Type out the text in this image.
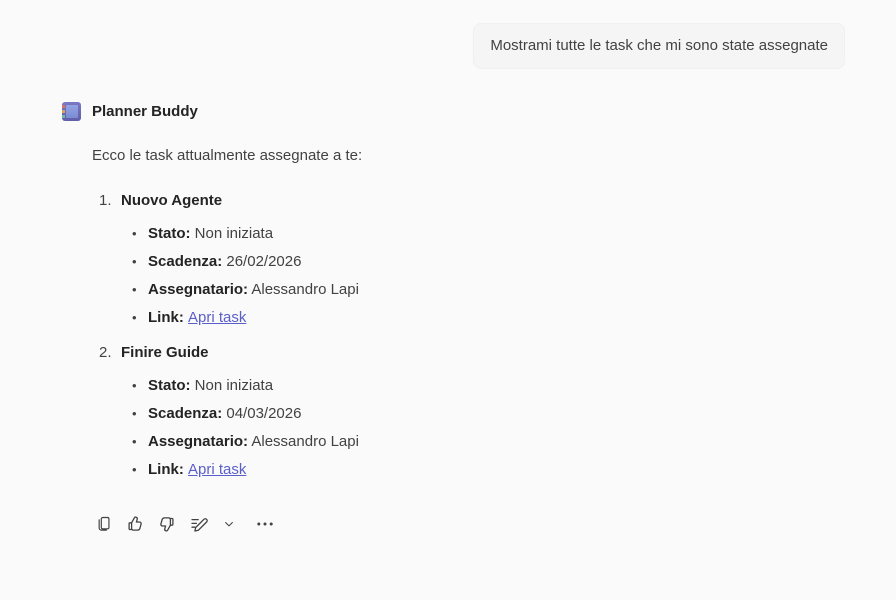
Mostrami tutte le task che mi sono state assegnate
Planner Buddy
Ecco le task attualmente assegnate a te:
1. Nuovo Agente
• Stato: Non iniziata
• Scadenza: 26/02/2026
• Assegnatario: Alessandro Lapi
• Link:
Apri task
2. Finire Guide
• Stato: Non iniziata
• Scadenza: 04/03/2026
• Assegnatario: Alessandro Lapi
• Link:
Apri task
